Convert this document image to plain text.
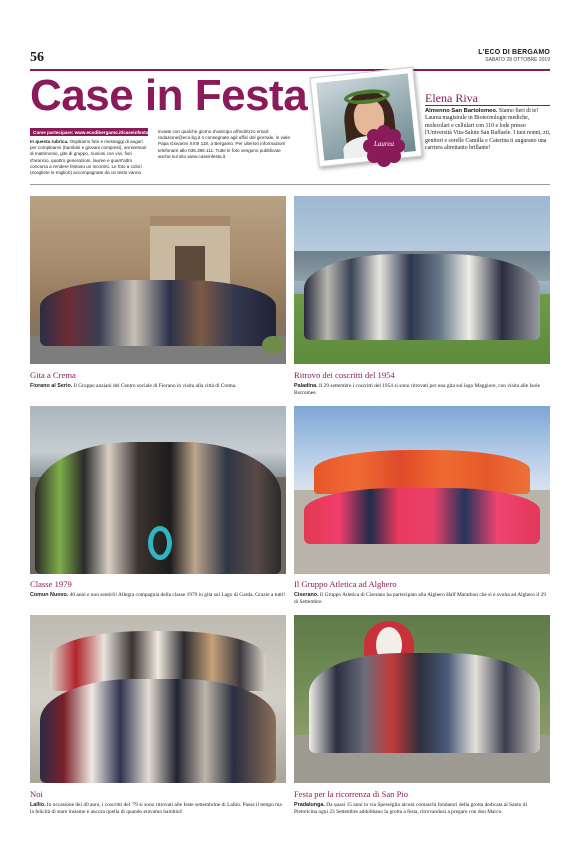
56	L'ECO DI BERGAMO
SABATO 28 OTTOBRE 2019
Case in Festa
Come partecipare: www.ecodibergamo.it/caseinfesta
In questa rubrica. Ospitiamo foto e messaggi di auguri per compleanni (bambini e giovani compresi), anniversari di matrimonio, gite di gruppo, riunioni con vivi, fiori d'arancio, quattro generazioni, lauree e quant'altro concorra a rendere festoso un incontro. Le foto a colori (scegliete le migliori) accompagnate da un testo vanno
inviate con qualche giorno d'anticipo all'indirizzo email: redazione@eco.bg.it o consegnate agli uffici del giornale, in viale Papa Giovanni XXIII 118, a Bergamo. Per ulteriori informazioni telefonare allo 035.386.111. Tutte le foto vengono pubblicate anche sul sito www.caseinfesta.it
Laurea
Elena Riva
Almenno San Bartolomeo. Siamo fieri di te! Laurea magistrale in Biotecnologie mediche, molecolari e cellulari con 110 e lode presso l'Università Vita-Salute San Raffaele. I tuoi nonni, zii, genitori e sorelle Camilla e Caterina ti augurano una carriera altrettanto brillante!
Gita a Crema
Fiorano al Serio. Il Gruppo anziani del Centro sociale di Fiorano in visita alla città di Crema.
Ritrovo dei coscritti del 1954
Paladina. Il 29 settembre i coscritti del 1954 si sono ritrovati per una gita sul lago Maggiore, con visita alle Isole Borromee.
Classe 1979
Comun Nuovo. 40 anni e non sentirli! Allegra compagnia della classe 1979 in gita sul Lago di Garda. Grazie a tutti!
Il Gruppo Atletica ad Alghero
Ciserano. Il Gruppo Atletica di Ciserano ha partecipato alla Alghero Half Marathon che si è svolta ad Alghero il 29 di Settembre.
Noi
Lallio. In occasione dei 40 anni, i coscritti del '79 si sono ritrovati alle feste settembrine di Lallio. Passa il tempo ma la felicità di stare insieme è ancora quella di quando eravamo bambini!
Festa per la ricorrenza di San Pio
Pradalunga. Da quasi 15 anni in via Sperséglio alcuni comaschi fondatori della grotta dedicata al Santo di Pietrelcina ogni 23 Settembre addobbano la grotta a festa, ritrovandosi a pregare con don Marco.
